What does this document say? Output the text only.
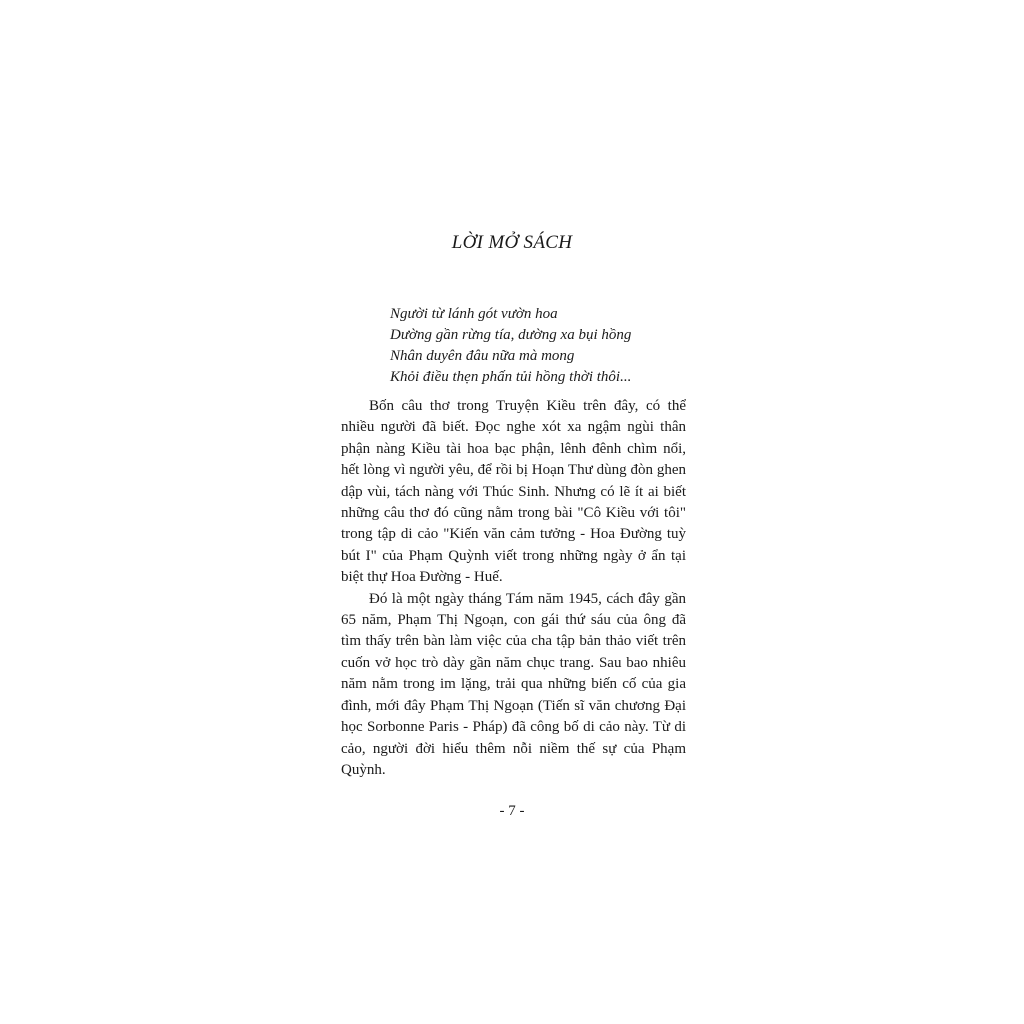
LỜI MỞ SÁCH
Người từ lánh gót vườn hoa
Dường gần rừng tía, dường xa bụi hồng
Nhân duyên đâu nữa mà mong
Khỏi điều thẹn phấn tủi hồng thời thôi...

Bốn câu thơ trong Truyện Kiều trên đây, có thể nhiều người đã biết. Đọc nghe xót xa ngậm ngùi thân phận nàng Kiều tài hoa bạc phận, lênh đênh chìm nổi, hết lòng vì người yêu, để rồi bị Hoạn Thư dùng đòn ghen dập vùi, tách nàng với Thúc Sinh. Nhưng có lẽ ít ai biết những câu thơ đó cũng nằm trong bài "Cô Kiều với tôi" trong tập di cảo "Kiến văn cảm tưởng - Hoa Đường tuỳ bút I" của Phạm Quỳnh viết trong những ngày ở ẩn tại biệt thự Hoa Đường - Huế.

Đó là một ngày tháng Tám năm 1945, cách đây gần 65 năm, Phạm Thị Ngoạn, con gái thứ sáu của ông đã tìm thấy trên bàn làm việc của cha tập bản thảo viết trên cuốn vở học trò dày gần năm chục trang. Sau bao nhiêu năm nằm trong im lặng, trải qua những biến cố của gia đình, mới đây Phạm Thị Ngoạn (Tiến sĩ văn chương Đại học Sorbonne Paris - Pháp) đã công bố di cảo này. Từ di cảo, người đời hiểu thêm nỗi niềm thế sự của Phạm Quỳnh.

- 7 -
